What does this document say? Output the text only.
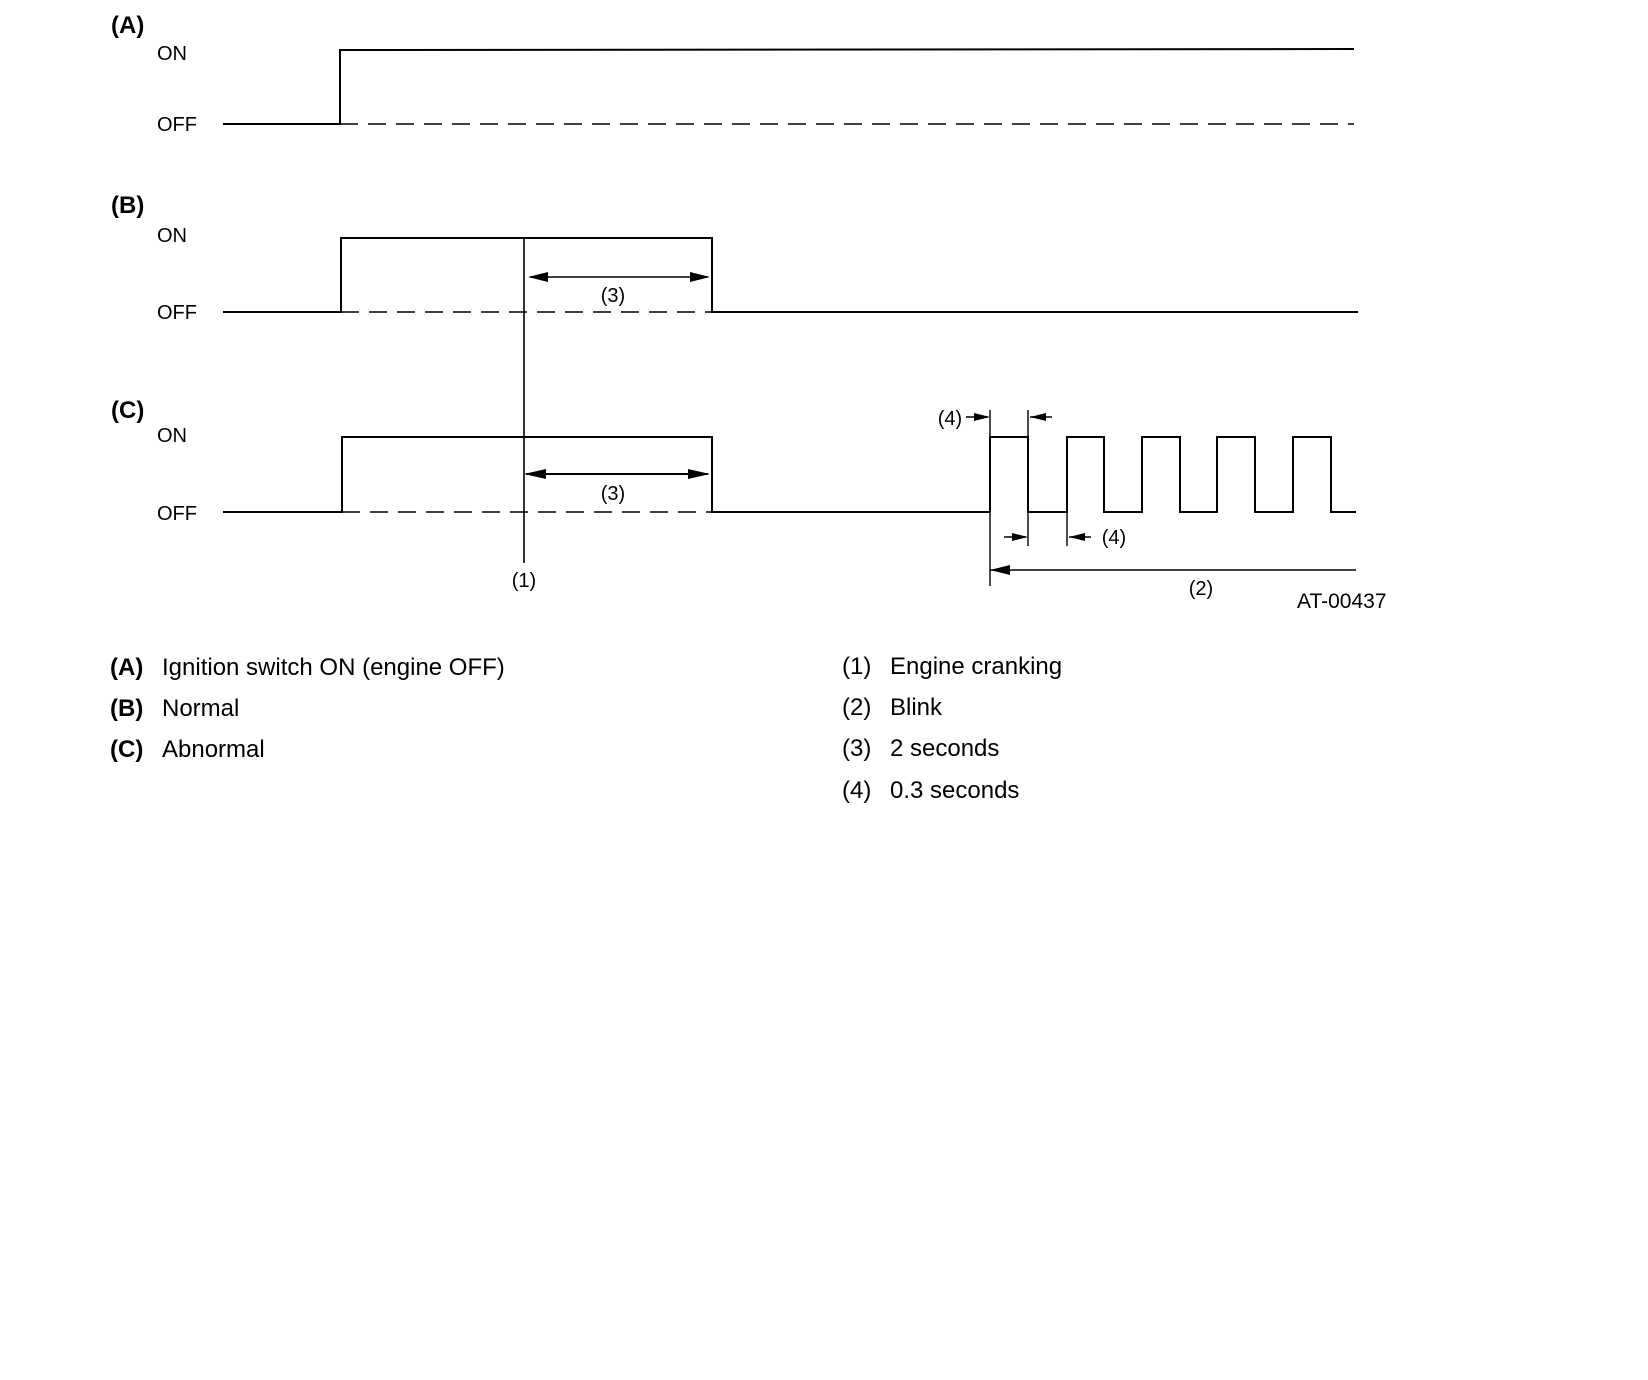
(A)
ON
OFF
(B)
ON
OFF
(3)
(C)
ON
OFF
(3)
(4)
(4)
(2)
(1)
AT-00437
(A) Ignition switch ON (engine OFF)
(B) Normal
(C) Abnormal
(1) Engine cranking
(2) Blink
(3) 2 seconds
(4) 0.3 seconds
